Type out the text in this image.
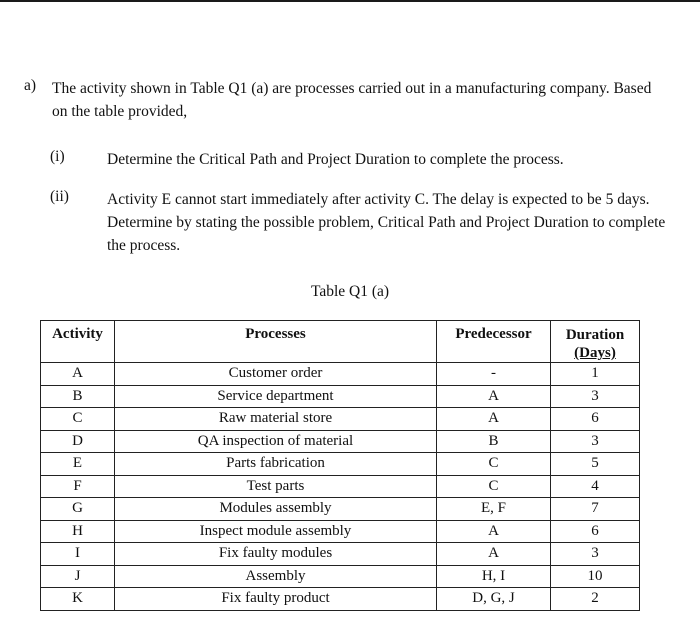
a) The activity shown in Table Q1 (a) are processes carried out in a manufacturing company. Based on the table provided,
(i)	Determine the Critical Path and Project Duration to complete the process.
(ii) Activity E cannot start immediately after activity C. The delay is expected to be 5 days. Determine by stating the possible problem, Critical Path and Project Duration to complete the process.
Table Q1 (a)
Activity	Processes	Predecessor	Duration
(Days)

A	Customer order	-	1
B	Service department	A	3
C	Raw material store	A	6
D	QA inspection of material	B	3
E	Parts fabrication	C	5
F	Test parts	C	4
G	Modules assembly	E, F	7
H	Inspect module assembly	A	6
I	Fix faulty modules	A	3
J	Assembly	H, I	10
K	Fix faulty product	D, G, J	2
